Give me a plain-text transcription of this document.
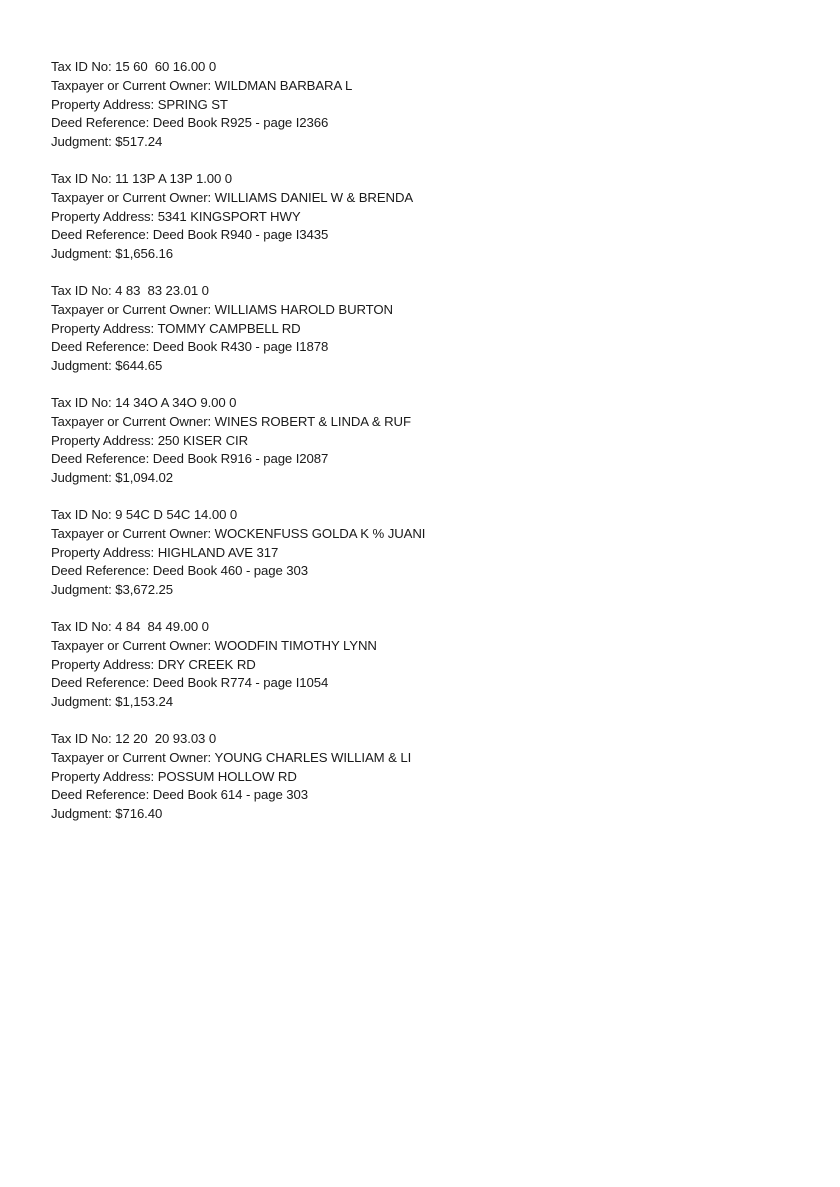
Tax ID No: 15 60  60 16.00 0
Taxpayer or Current Owner: WILDMAN BARBARA L
Property Address: SPRING ST
Deed Reference: Deed Book R925 - page I2366
Judgment: $517.24
Tax ID No: 11 13P A 13P 1.00 0
Taxpayer or Current Owner: WILLIAMS DANIEL W & BRENDA
Property Address: 5341 KINGSPORT HWY
Deed Reference: Deed Book R940 - page I3435
Judgment: $1,656.16
Tax ID No: 4 83  83 23.01 0
Taxpayer or Current Owner: WILLIAMS HAROLD BURTON
Property Address: TOMMY CAMPBELL RD
Deed Reference: Deed Book R430 - page I1878
Judgment: $644.65
Tax ID No: 14 34O A 34O 9.00 0
Taxpayer or Current Owner: WINES ROBERT & LINDA & RUF
Property Address: 250 KISER CIR
Deed Reference: Deed Book R916 - page I2087
Judgment: $1,094.02
Tax ID No: 9 54C D 54C 14.00 0
Taxpayer or Current Owner: WOCKENFUSS GOLDA K % JUANI
Property Address: HIGHLAND AVE 317
Deed Reference: Deed Book 460 - page 303
Judgment: $3,672.25
Tax ID No: 4 84  84 49.00 0
Taxpayer or Current Owner: WOODFIN TIMOTHY LYNN
Property Address: DRY CREEK RD
Deed Reference: Deed Book R774 - page I1054
Judgment: $1,153.24
Tax ID No: 12 20  20 93.03 0
Taxpayer or Current Owner: YOUNG CHARLES WILLIAM & LI
Property Address: POSSUM HOLLOW RD
Deed Reference: Deed Book 614 - page 303
Judgment: $716.40
